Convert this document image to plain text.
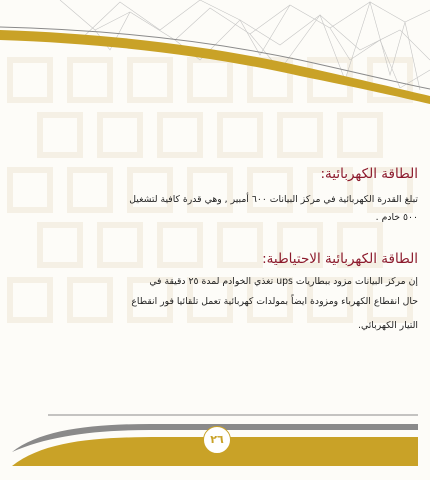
الطاقة الكهربائية:
تبلغ القدرة الكهربائية في مركز البيانات ٦٠٠ أمبير , وهي قدرة كافية لتشغيل
٥٠٠ خادم .
الطاقة الكهربائية الاحتياطية:
إن مركز البيانات مزود ببطاريات ups تغذي الخوادم لمدة ٢٥ دقيقة في
حال انقطاع الكهرباء ومزودة ايضاً بمولدات كهربائية تعمل تلقائيا فور انقطاع
التيار الكهربائي.
٢٦
